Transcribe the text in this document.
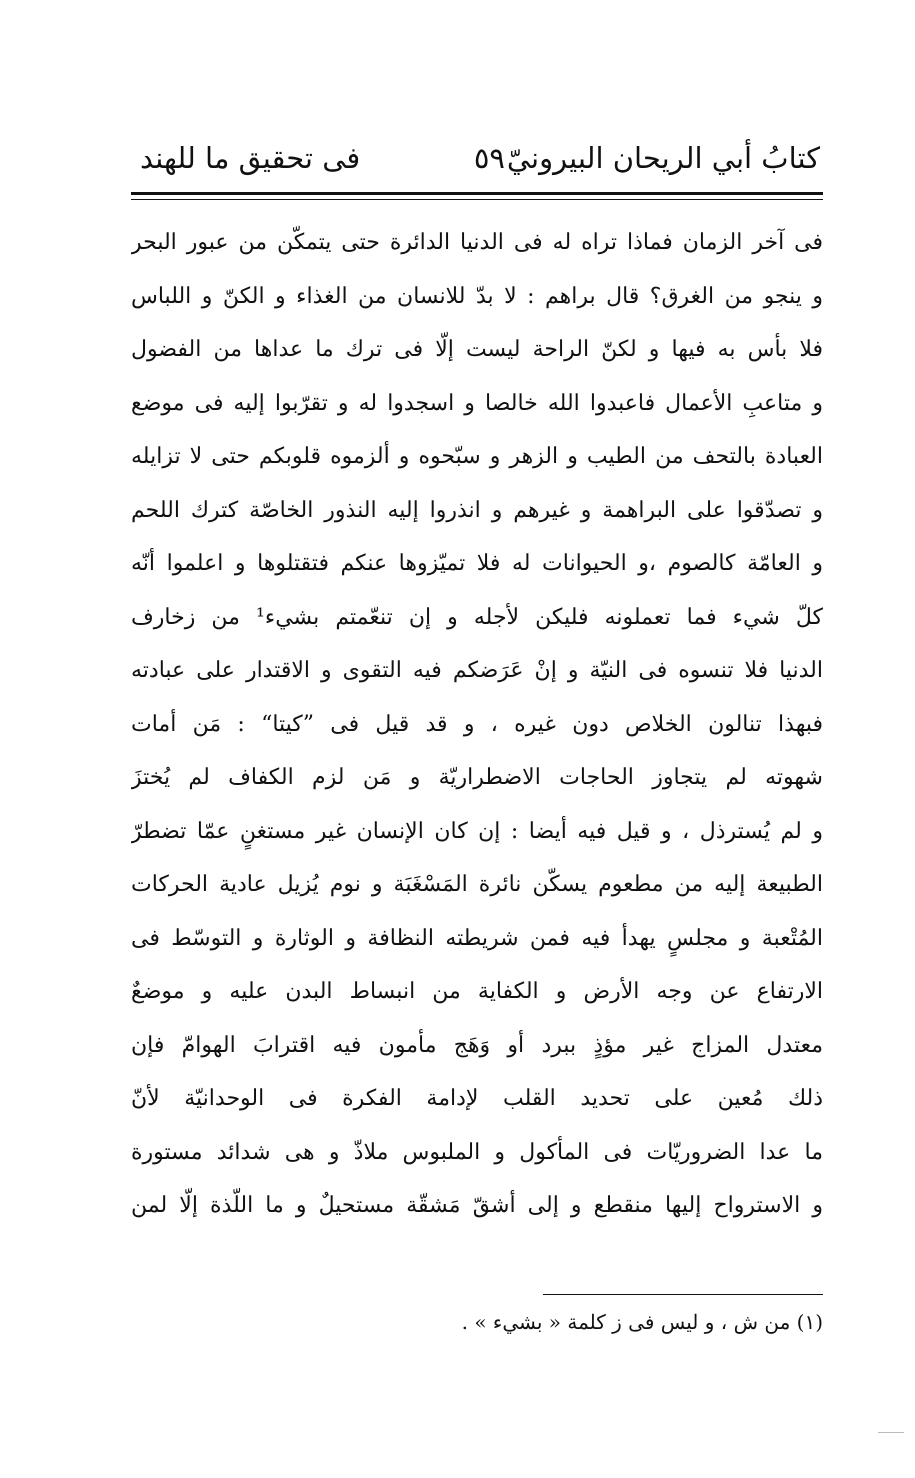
كتابُ أبي الريحان البيرونيّ
٥٩
فى تحقيق ما للهند
فى آخر الزمان فماذا تراه له فى الدنيا الدائرة حتى يتمكّن من عبور البحر
و ينجو من الغرق؟ قال براهم : لا بدّ للانسان من الغذاء و الكنّ و اللباس
فلا بأس به فيها و لكنّ الراحة ليست إلّا فى ترك ما عداها من الفضول
و متاعبِ الأعمال فاعبدوا الله خالصا و اسجدوا له و تقرّبوا إليه فى موضع
العبادة بالتحف من الطيب و الزهر و سبّحوه و ألزموه قلوبكم حتى لا تزايله
و تصدّقوا على البراهمة و غيرهم و انذروا إليه النذور الخاصّة كترك اللحم
و العامّة كالصوم ،و الحيوانات له فلا تميّزوها عنكم فتقتلوها و اعلموا أنّه
كلّ شيء فما تعملونه فليكن لأجله و إن تنعّمتم بشيء¹ من زخارف
الدنيا فلا تنسوه فى النيّة و إنْ عَرَضكم فيه التقوى و الاقتدار على عبادته
فبهذا تنالون الخلاص دون غيره ، و قد قيل فى ”كيتا“ : مَن أمات
شهوته لم يتجاوز الحاجات الاضطراريّة و مَن لزم الكفاف لم يُختزَ
و لم يُسترذل ، و قيل فيه أيضا : إن كان الإنسان غير مستغنٍ عمّا تضطرّ
الطبيعة إليه من مطعوم يسكّن نائرة المَسْغَبَة و نوم يُزيل عادية الحركات
المُتْعبة و مجلسٍ يهدأ فيه فمن شريطته النظافة و الوثارة و التوسّط فى
الارتفاع عن وجه الأرض و الكفاية من انبساط البدن عليه و موضعٌ
معتدل المزاج غير مؤذٍ ببرد أو وَهَج مأمون فيه اقترابَ الهوامّ فإن
ذلك مُعين على تحديد القلب لإدامة الفكرة فى الوحدانيّة لأنّ
ما عدا الضروريّات فى المأكول و الملبوس ملاذّ و هى شدائد مستورة
و الاسترواح إليها منقطع و إلى أشقّ مَشقّة مستحيلٌ و ما اللّذة إلّا لمن
(١) من ش ، و ليس فى ز كلمة « بشيء » .
